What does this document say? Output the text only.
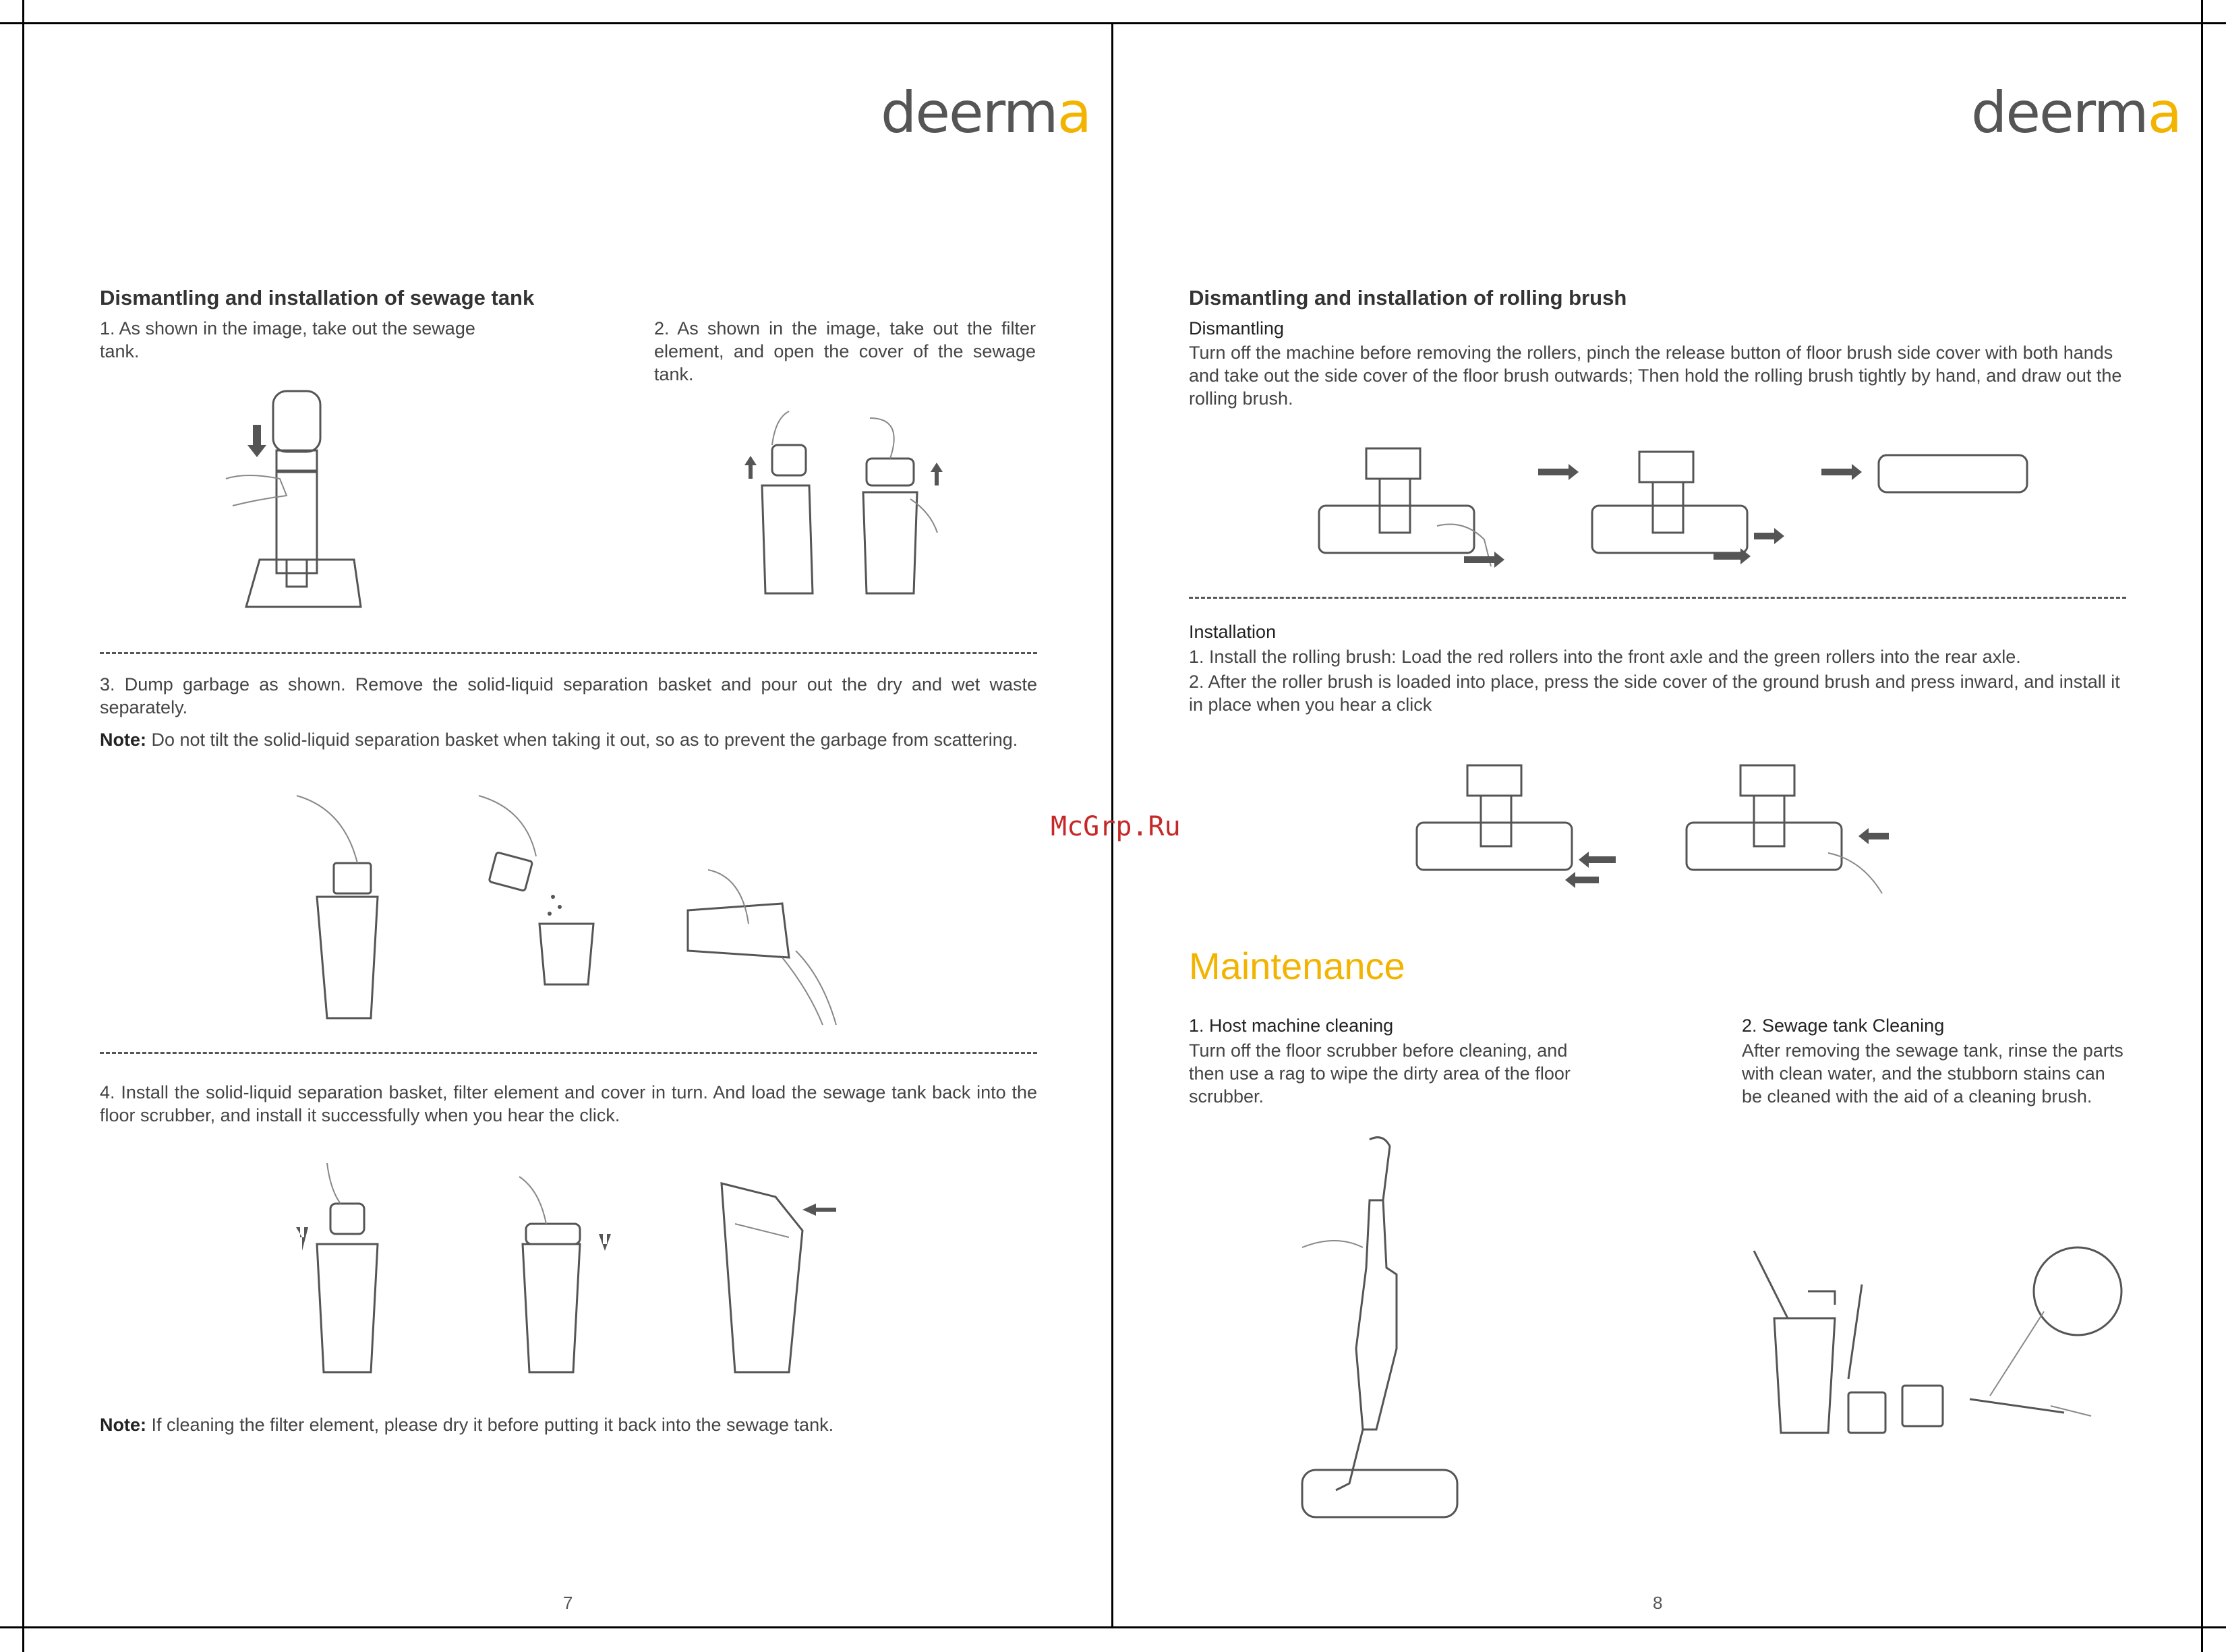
deerma
Dismantling and installation of sewage tank
1. As shown in the image, take out the sewage tank.
2. As shown in the image, take out the filter element, and open the cover of the sewage tank.
3. Dump garbage as shown. Remove the solid-liquid separation basket and pour out the dry and wet waste separately.
Note: Do not tilt the solid-liquid separation basket when taking it out, so as to prevent the garbage from scattering.
4. Install the solid-liquid separation basket, filter element and cover in turn. And load the sewage tank back into the floor scrubber, and install it successfully when you hear the click.
Note: If cleaning the filter element, please dry it before putting it back into the sewage tank.
7
deerma
Dismantling and installation of rolling brush
Dismantling
Turn off the machine before removing the rollers, pinch the release button of floor brush side cover with both hands and take out the side cover of the floor brush outwards; Then hold the rolling brush tightly by hand, and draw out the rolling brush.
Installation
1. Install the rolling brush: Load the red rollers into the front axle and the green rollers into the rear axle.
2. After the roller brush is loaded into place, press the side cover of the ground brush and press inward, and install it in place when you hear a click
Maintenance
1. Host machine cleaning
Turn off the floor scrubber before cleaning, and then use a rag to wipe the dirty area of the floor scrubber.
2. Sewage tank Cleaning
After removing the sewage tank, rinse the parts with clean water, and the stubborn stains can be cleaned with the aid of a cleaning brush.
8
McGrp.Ru
